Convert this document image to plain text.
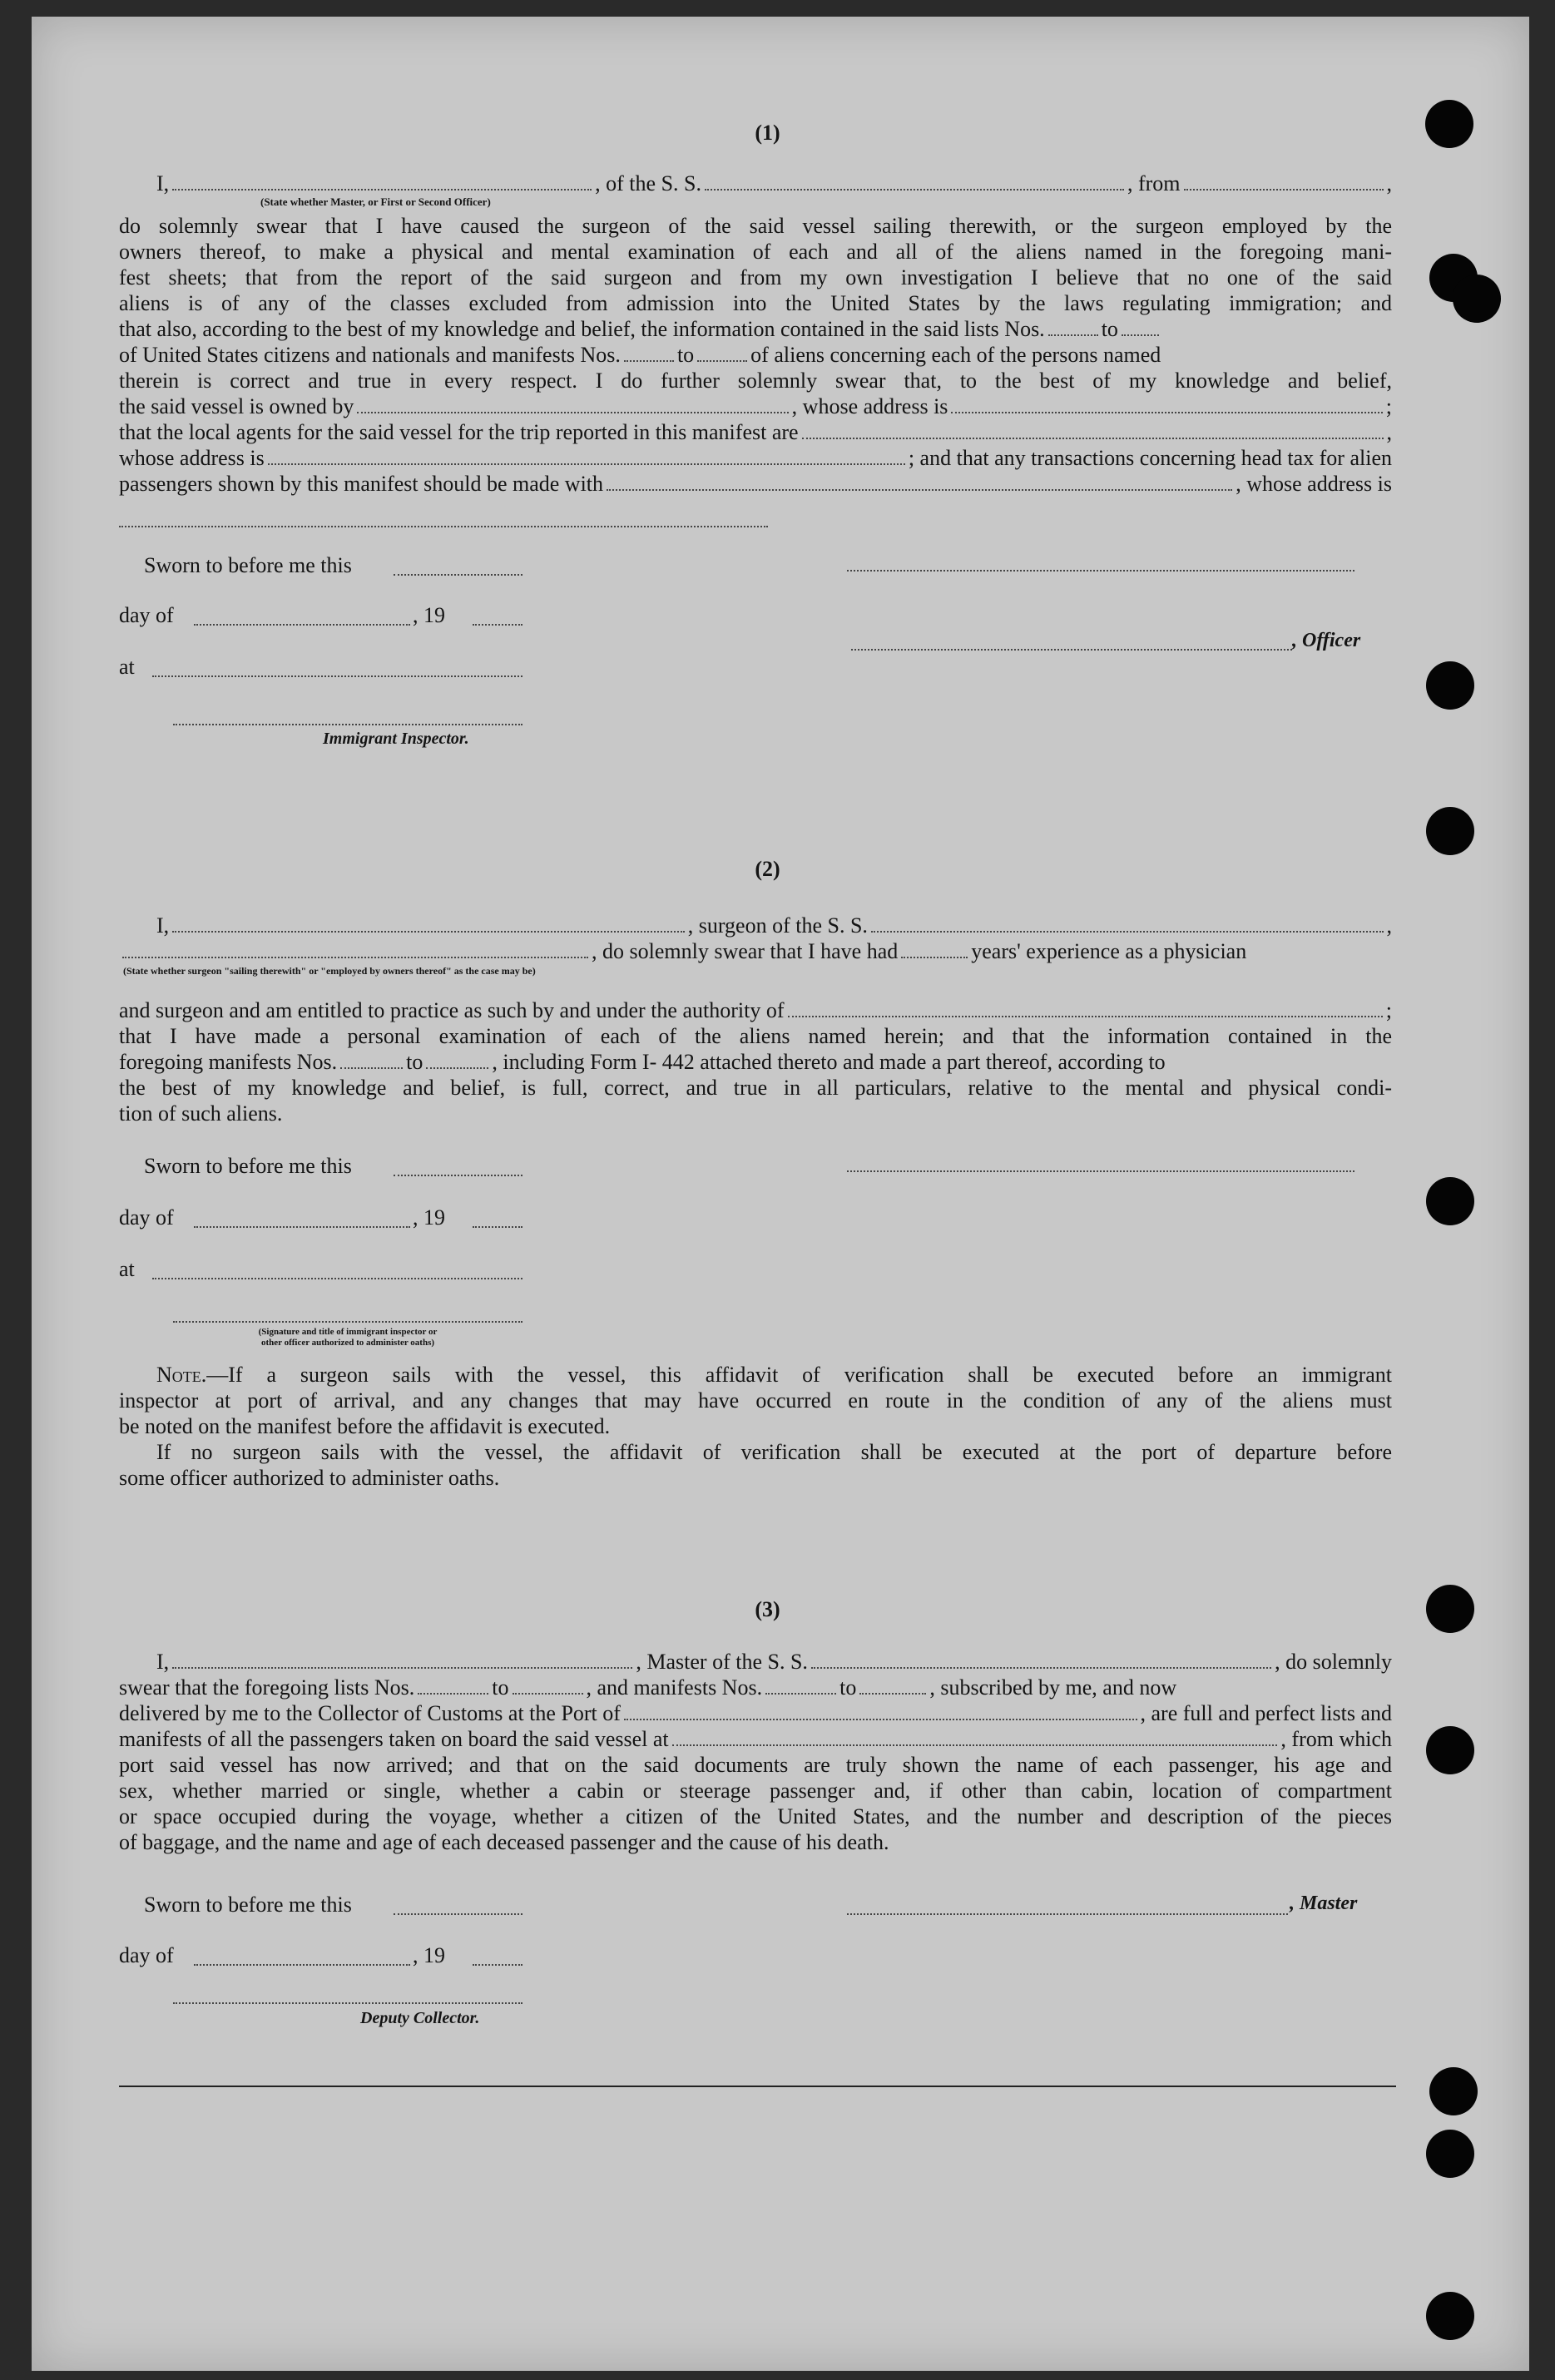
(1)
I,	, of the S. S.	, from	,
(State whether Master, or First or Second Officer)
do solemnly swear that I have caused the surgeon of the said vessel sailing therewith, or the surgeon employed by the
owners thereof, to make a physical and mental examination of each and all of the aliens named in the foregoing mani-
fest sheets; that from the report of the said surgeon and from my own investigation I believe that no one of the said
aliens is of any of the classes excluded from admission into the United States by the laws regulating immigration; and
that also, according to the best of my knowledge and belief, the information contained in the said lists Nos.	to
of United States citizens and nationals and manifests Nos.	to	of aliens concerning each of the persons named
therein is correct and true in every respect. I do further solemnly swear that, to the best of my knowledge and belief,
the said vessel is owned by	, whose address is	;
that the local agents for the said vessel for the trip reported in this manifest are	,
whose address is	; and that any transactions concerning head tax for alien
passengers shown by this manifest should be made with	, whose address is
Sworn to before me this
day of	, 19
, Officer
at
Immigrant Inspector.
(2)
I,	, surgeon of the S. S.	,
, do solemnly swear that I have had	years' experience as a physician
(State whether surgeon "sailing therewith" or "employed by owners thereof" as the case may be)
and surgeon and am entitled to practice as such by and under the authority of	;
that I have made a personal examination of each of the aliens named herein; and that the information contained in the
foregoing manifests Nos.	to	, including Form I- 442 attached thereto and made a part thereof, according to
the best of my knowledge and belief, is full, correct, and true in all particulars, relative to the mental and physical condi-
tion of such aliens.
Sworn to before me this
day of	, 19
at
(Signature and title of immigrant inspector or
other officer authorized to administer oaths)
Note.—If a surgeon sails with the vessel, this affidavit of verification shall be executed before an immigrant
inspector at port of arrival, and any changes that may have occurred en route in the condition of any of the aliens must
be noted on the manifest before the affidavit is executed.
If no surgeon sails with the vessel, the affidavit of verification shall be executed at the port of departure before
some officer authorized to administer oaths.
(3)
I,	, Master of the S. S.	, do solemnly
swear that the foregoing lists Nos.	to	, and manifests Nos.	to	, subscribed by me, and now
delivered by me to the Collector of Customs at the Port of	, are full and perfect lists and
manifests of all the passengers taken on board the said vessel at	, from which
port said vessel has now arrived; and that on the said documents are truly shown the name of each passenger, his age and
sex, whether married or single, whether a cabin or steerage passenger and, if other than cabin, location of compartment
or space occupied during the voyage, whether a citizen of the United States, and the number and description of the pieces
of baggage, and the name and age of each deceased passenger and the cause of his death.
Sworn to before me this	, Master
day of	, 19
Deputy Collector.
